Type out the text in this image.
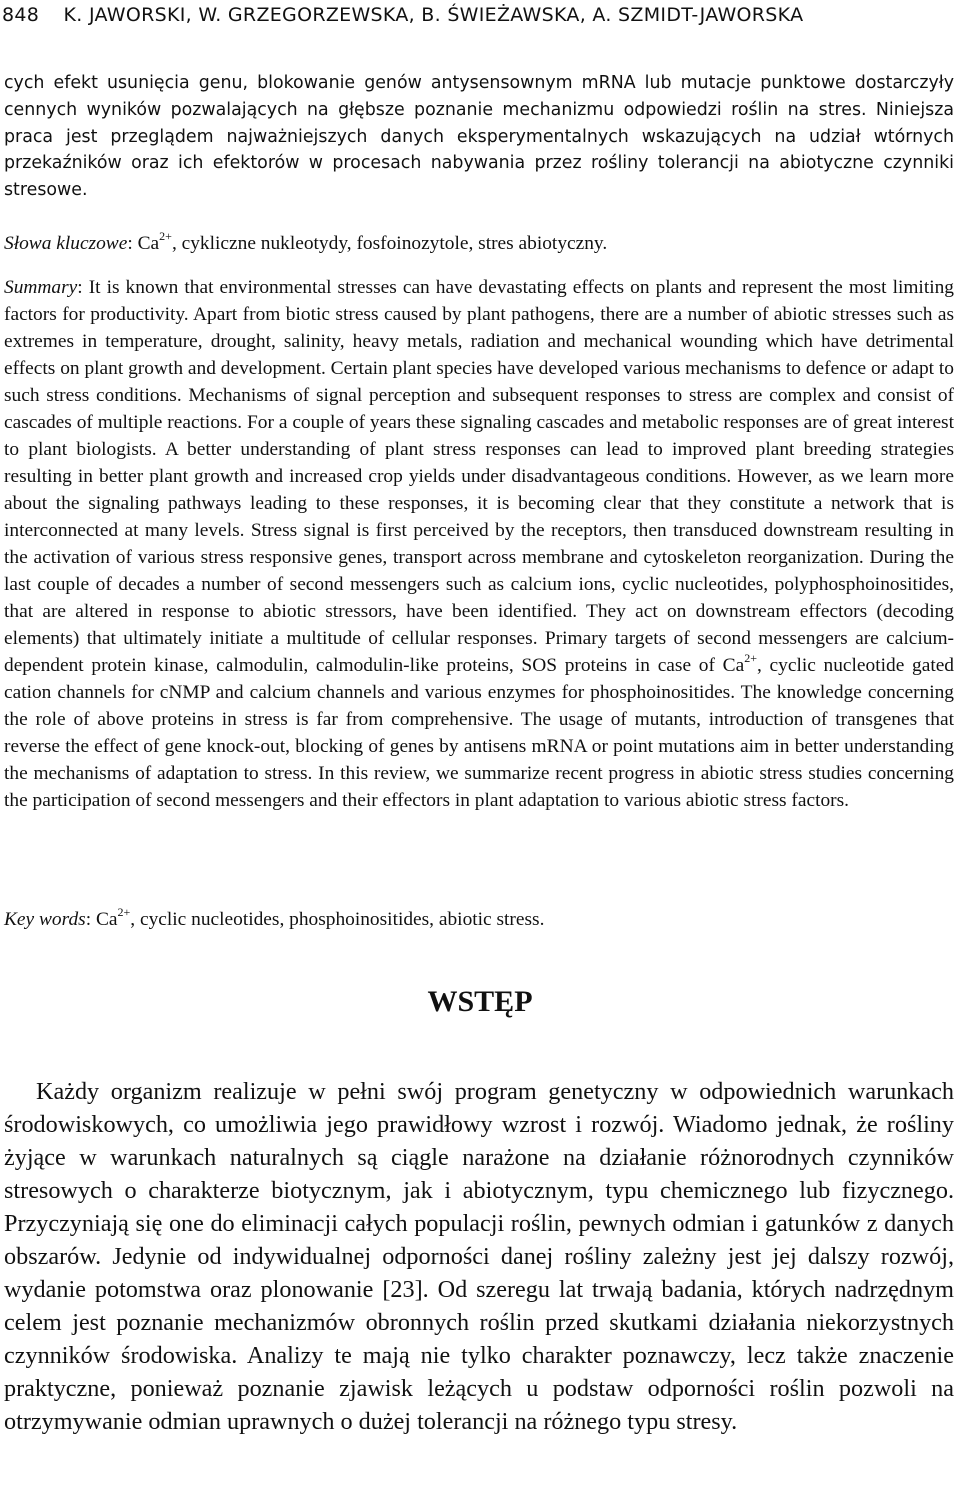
848 K. JAWORSKI, W. GRZEGORZEWSKA, B. ŚWIEŻAWSKA, A. SZMIDT-JAWORSKA

cych efekt usunięcia genu, blokowanie genów antysensownym mRNA lub mutacje punktowe dostarczyły cennych wyników pozwalających na głębsze poznanie mechanizmu odpowiedzi roślin na stres. Niniejsza praca jest przeglądem najważniejszych danych eksperymentalnych wskazujących na udział wtórnych przekaźników oraz ich efektorów w procesach nabywania przez rośliny tolerancji na abiotyczne czynniki stresowe.

Słowa kluczowe: $Ca^{2+}$, cykliczne nukleotydy, fosfoinozytole, stres abiotyczny.

Summary: It is known that environmental stresses can have devastating effects on plants and represent the most limiting factors for productivity. Apart from biotic stress caused by plant pathogens, there are a number of abiotic stresses such as extremes in temperature, drought, salinity, heavy metals, radiation and mechanical wounding which have detrimental effects on plant growth and development. Certain plant species have developed various mechanisms to defence or adapt to such stress conditions. Mechanisms of signal perception and subsequent responses to stress are complex and consist of cascades of multiple reactions. For a couple of years these signaling cascades and metabolic responses are of great interest to plant biologists. A better understanding of plant stress responses can lead to improved plant breeding strategies resulting in better plant growth and increased crop yields under disadvantageous conditions. However, as we learn more about the signaling pathways leading to these responses, it is becoming clear that they constitute a network that is interconnected at many levels. Stress signal is first perceived by the receptors, then transduced downstream resulting in the activation of various stress responsive genes, transport across membrane and cytoskeleton reorganization. During the last couple of decades a number of second messengers such as calcium ions, cyclic nucleotides, polyphosphoinositides, that are altered in response to abiotic stressors, have been identified. They act on downstream effectors (decoding elements) that ultimately initiate a multitude of cellular responses. Primary targets of second messengers are calcium-dependent protein kinase, calmodulin, calmodulin-like proteins, SOS proteins in case of $Ca^{2+}$, cyclic nucleotide gated cation channels for cNMP and calcium channels and various enzymes for phosphoinositides. The knowledge concerning the role of above proteins in stress is far from comprehensive. The usage of mutants, introduction of transgenes that reverse the effect of gene knock-out, blocking of genes by antisens mRNA or point mutations aim in better understanding the mechanisms of adaptation to stress. In this review, we summarize recent progress in abiotic stress studies concerning the participation of second messengers and their effectors in plant adaptation to various abiotic stress factors.

Key words: $Ca^{2+}$, cyclic nucleotides, phosphoinositides, abiotic stress.

WSTĘP

Każdy organizm realizuje w pełni swój program genetyczny w odpowiednich warunkach środowiskowych, co umożliwia jego prawidłowy wzrost i rozwój. Wiadomo jednak, że rośliny żyjące w warunkach naturalnych są ciągle narażone na działanie różnorodnych czynników stresowych o charakterze biotycznym, jak i abiotycznym, typu chemicznego lub fizycznego. Przyczyniają się one do eliminacji całych populacji roślin, pewnych odmian i gatunków z danych obszarów. Jedynie od indywidualnej odporności danej rośliny zależny jest jej dalszy rozwój, wydanie potomstwa oraz plonowanie [23]. Od szeregu lat trwają badania, których nadrzędnym celem jest poznanie mechanizmów obronnych roślin przed skutkami działania niekorzystnych czynników środowiska. Analizy te mają nie tylko charakter poznawczy, lecz także znaczenie praktyczne, ponieważ poznanie zjawisk leżących u podstaw odporności roślin pozwoli na otrzymywanie odmian uprawnych o dużej tolerancji na różnego typu stresy.
